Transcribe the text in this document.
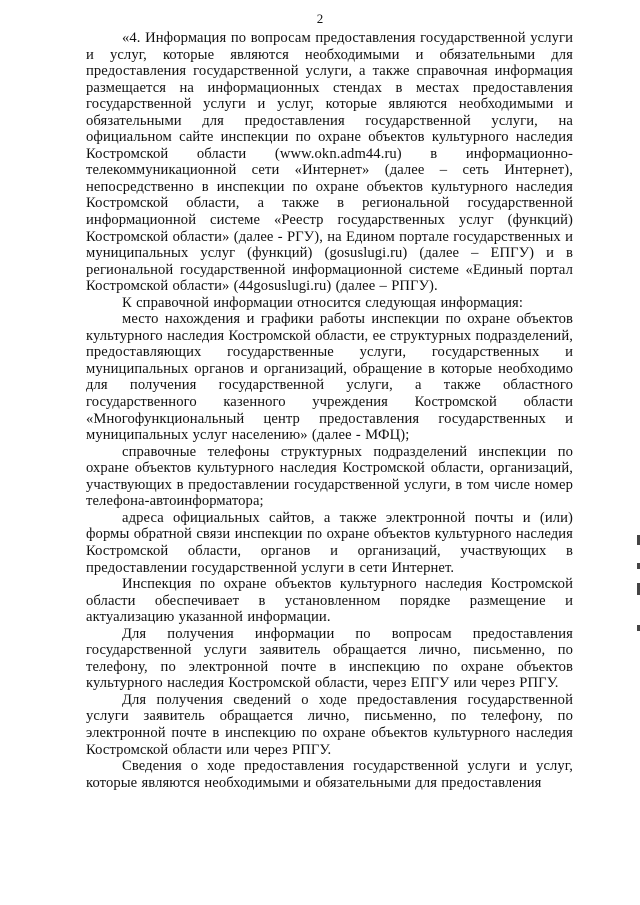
2

«4. Информация по вопросам предоставления государственной услуги и услуг, которые являются необходимыми и обязательными для предоставления государственной услуги, а также справочная информация размещается на информационных стендах в местах предоставления государственной услуги и услуг, которые являются необходимыми и обязательными для предоставления государственной услуги, на официальном сайте инспекции по охране объектов культурного наследия Костромской области (www.okn.adm44.ru) в информационно-телекоммуникационной сети «Интернет» (далее – сеть Интернет), непосредственно в инспекции по охране объектов культурного наследия Костромской области, а также в региональной государственной информационной системе «Реестр государственных услуг (функций) Костромской области» (далее - РГУ), на Едином портале государственных и муниципальных услуг (функций) (gosuslugi.ru) (далее – ЕПГУ) и в региональной государственной информационной системе «Единый портал Костромской области» (44gosuslugi.ru) (далее – РПГУ).

К справочной информации относится следующая информация:

место нахождения и графики работы инспекции по охране объектов культурного наследия Костромской области, ее структурных подразделений, предоставляющих государственные услуги, государственных и муниципальных органов и организаций, обращение в которые необходимо для получения государственной услуги, а также областного государственного казенного учреждения Костромской области «Многофункциональный центр предоставления государственных и муниципальных услуг населению» (далее - МФЦ);

справочные телефоны структурных подразделений инспекции по охране объектов культурного наследия Костромской области, организаций, участвующих в предоставлении государственной услуги, в том числе номер телефона-автоинформатора;

адреса официальных сайтов, а также электронной почты и (или) формы обратной связи инспекции по охране объектов культурного наследия Костромской области, органов и организаций, участвующих в предоставлении государственной услуги в сети Интернет.

Инспекция по охране объектов культурного наследия Костромской области обеспечивает в установленном порядке размещение и актуализацию указанной информации.

Для получения информации по вопросам предоставления государственной услуги заявитель обращается лично, письменно, по телефону, по электронной почте в инспекцию по охране объектов культурного наследия Костромской области, через ЕПГУ или через РПГУ.

Для получения сведений о ходе предоставления государственной услуги заявитель обращается лично, письменно, по телефону, по электронной почте в инспекцию по охране объектов культурного наследия Костромской области или через РПГУ.

Сведения о ходе предоставления государственной услуги и услуг, которые являются необходимыми и обязательными для предоставления
